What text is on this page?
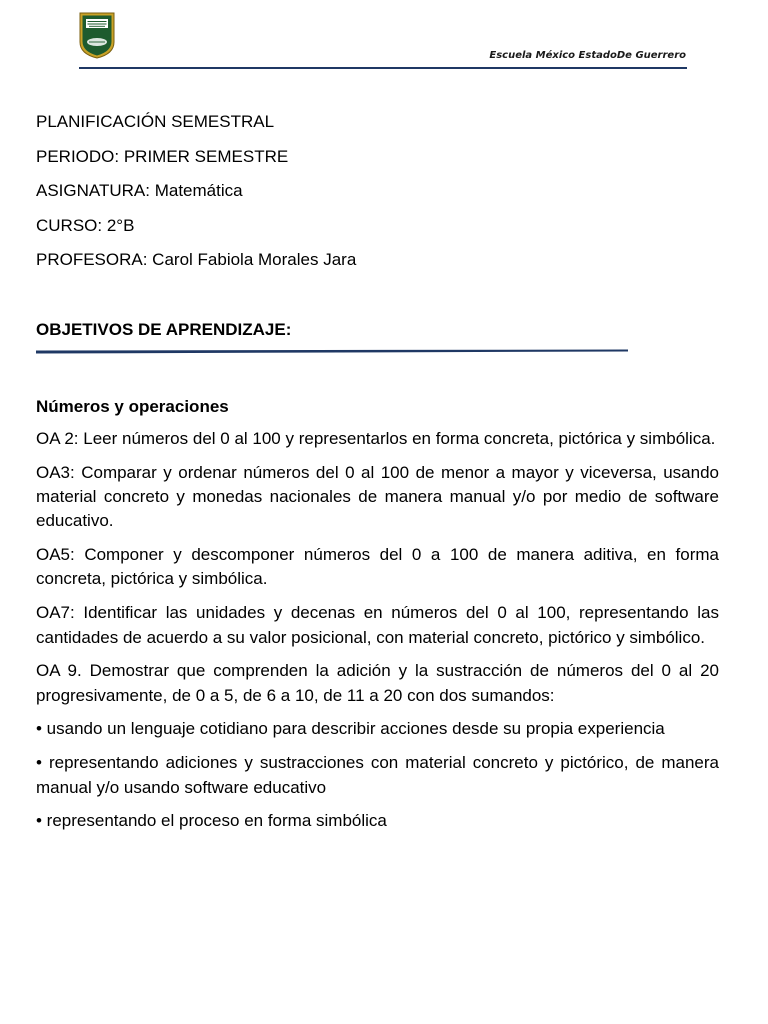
Escuela México EstadoDe Guerrero
PLANIFICACIÓN SEMESTRAL
PERIODO: PRIMER SEMESTRE
ASIGNATURA: Matemática
CURSO: 2°B
PROFESORA: Carol Fabiola Morales Jara
OBJETIVOS DE APRENDIZAJE:
Números y operaciones

OA 2: Leer números del 0 al 100 y representarlos en forma concreta, pictórica y simbólica.

OA3: Comparar y ordenar números del 0 al 100 de menor a mayor y viceversa, usando material concreto y monedas nacionales de manera manual y/o por medio de software educativo.

OA5: Componer y descomponer números del 0 a 100 de manera aditiva, en forma concreta, pictórica y simbólica.

OA7: Identificar las unidades y decenas en números del 0 al 100, representando las cantidades de acuerdo a su valor posicional, con material concreto, pictórico y simbólico.

OA 9. Demostrar que comprenden la adición y la sustracción de números del 0 al 20 progresivamente, de 0 a 5, de 6 a 10, de 11 a 20 con dos sumandos:

• usando un lenguaje cotidiano para describir acciones desde su propia experiencia

• representando adiciones y sustracciones con material concreto y pictórico, de manera manual y/o usando software educativo

• representando el proceso en forma simbólica
